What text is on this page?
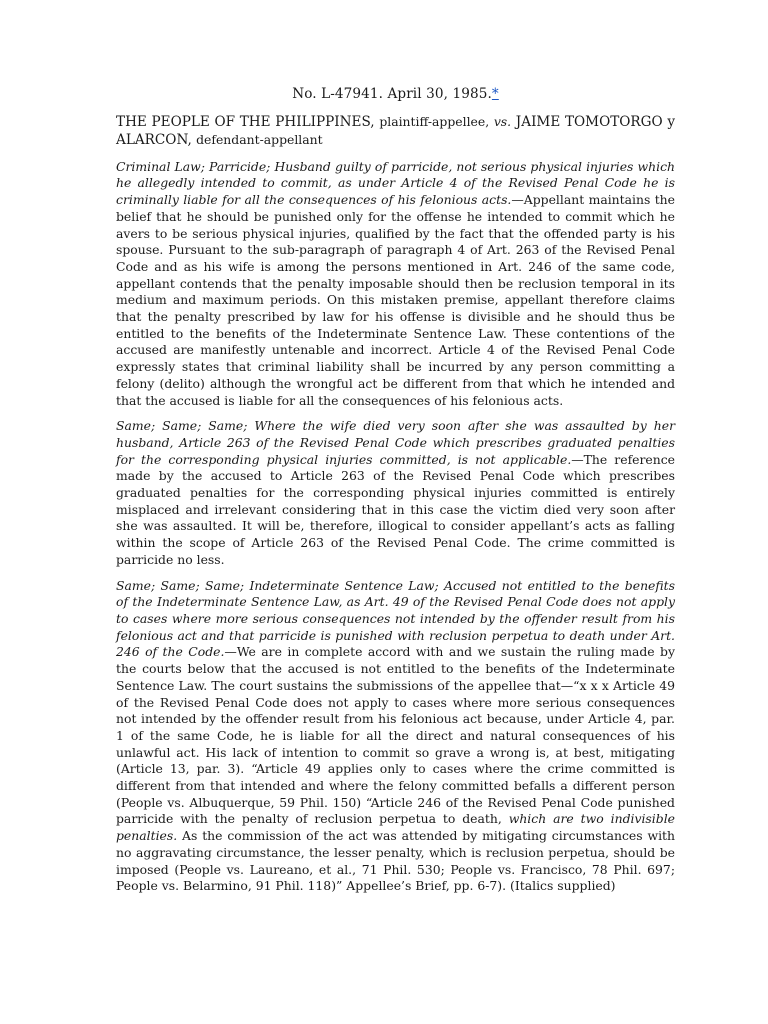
No. L-47941. April 30, 1985.*
THE PEOPLE OF THE PHILIPPINES, plaintiff-appellee, vs. JAIME TOMOTORGO y ALARCON, defendant-appellant

Criminal Law; Parricide; Husband guilty of parricide, not serious physical injuries which he allegedly intended to commit, as under Article 4 of the Revised Penal Code he is criminally liable for all the consequences of his felonious acts.—Appellant maintains the belief that he should be punished only for the offense he intended to commit which he avers to be serious physical injuries, qualified by the fact that the offended party is his spouse. Pursuant to the sub-paragraph of paragraph 4 of Art. 263 of the Revised Penal Code and as his wife is among the persons mentioned in Art. 246 of the same code, appellant contends that the penalty imposable should then be reclusion temporal in its medium and maximum periods. On this mistaken premise, appellant therefore claims that the penalty prescribed by law for his offense is divisible and he should thus be entitled to the benefits of the Indeterminate Sentence Law. These contentions of the accused are manifestly untenable and incorrect. Article 4 of the Revised Penal Code expressly states that criminal liability shall be incurred by any person committing a felony (delito) although the wrongful act be different from that which he intended and that the accused is liable for all the consequences of his felonious acts.

Same; Same; Same; Where the wife died very soon after she was assaulted by her husband, Article 263 of the Revised Penal Code which prescribes graduated penalties for the corresponding physical injuries committed, is not applicable.—The reference made by the accused to Article 263 of the Revised Penal Code which prescribes graduated penalties for the corresponding physical injuries committed is entirely misplaced and irrelevant considering that in this case the victim died very soon after she was assaulted. It will be, therefore, illogical to consider appellant’s acts as falling within the scope of Article 263 of the Revised Penal Code. The crime committed is parricide no less.

Same; Same; Same; Indeterminate Sentence Law; Accused not entitled to the benefits of the Indeterminate Sentence Law, as Art. 49 of the Revised Penal Code does not apply to cases where more serious consequences not intended by the offender result from his felonious act and that parricide is punished with reclusion perpetua to death under Art. 246 of the Code.—We are in complete accord with and we sustain the ruling made by the courts below that the accused is not entitled to the benefits of the Indeterminate Sentence Law. The court sustains the submissions of the appellee that—“x x x Article 49 of the Revised Penal Code does not apply to cases where more serious consequences not intended by the offender result from his felonious act because, under Article 4, par. 1 of the same Code, he is liable for all the direct and natural consequences of his unlawful act. His lack of intention to commit so grave a wrong is, at best, mitigating (Article 13, par. 3). “Article 49 applies only to cases where the crime committed is different from that intended and where the felony committed befalls a different person (People vs. Albuquerque, 59 Phil. 150) “Article 246 of the Revised Penal Code punished parricide with the penalty of reclusion perpetua to death, which are two indivisible penalties. As the commission of the act was attended by mitigating circumstances with no aggravating circumstance, the lesser penalty, which is reclusion perpetua, should be imposed (People vs. Laureano, et al., 71 Phil. 530; People vs. Francisco, 78 Phil. 697; People vs. Belarmino, 91 Phil. 118)” Appellee’s Brief, pp. 6-7). (Italics supplied)
